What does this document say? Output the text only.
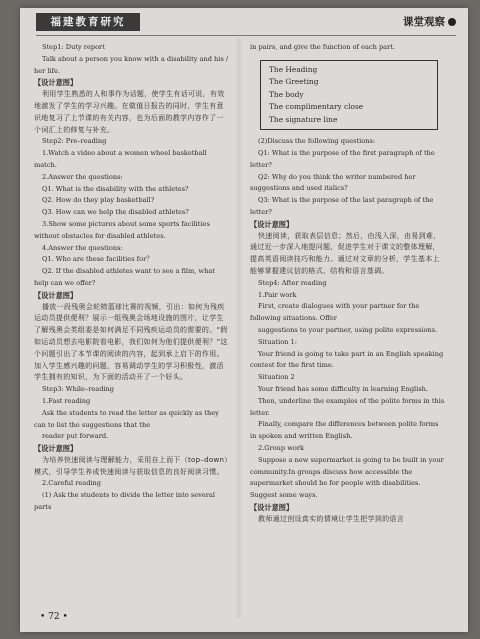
福建教育研究	课堂观察

Step1: Duty report

Talk about a person you know with a disability and his / her life.

【设计意图】

利用学生熟悉的人和事作为话题，使学生有话可说，有效地激发了学生的学习兴趣。在做值日报告的同时，学生有意识地复习了上节课的有关内容，也为后面的教学内容作了一个词汇上的修复与补充。

Step2: Pre–reading

1.Watch a video about a women wheel basketball match.

2.Answer the questions:

Q1. What is the disability with the athletes?

Q2. How do they play basketball?

Q3. How can we help the disabled athletes?

3.Show some pictures about some sports facilities without obstacles for disabled athletes.

4.Answer the questions:

Q1. Who are these facilities for？

Q2. If the disabled athletes want to see a film, what help can we offer?

【设计意图】

播放一段残奥会轮椅篮球比赛的视频，引出：如何为残疾运动员提供便利？展示一组残奥会场地设施的图片，让学生了解残奥会类组委是如何满足不同残疾运动员的需要的。“假如运动员想去电影院看电影，我们如何为他们提供便利？”这个问题引出了本节课的阅读的内容，起到承上启下的作用。加入学生感兴趣的问题，容易调动学生的学习积极性，激活学生拥有的知识，为下面的活动开了一个好头。

Step3: While–reading

1.Fast reading

Ask the students to read the letter as quickly as they can to list the suggestions that the

reader put forward.

【设计意图】

为培养快速阅读与理解能力，采用自上而下（top–down）模式，引导学生养成快速阅读与获取信息的良好阅读习惯。

2.Careful reading

(1) Ask the students to divide the letter into several parts

in pairs, and give the function of each part.

The Heading
The Greeting
The body
The complimentary close
The signature line

(2)Discuss the following questions:

Q1: What is the purpose of the first paragraph of the letter?

Q2: Why do you think the writer numbered her suggestions and used italics?

Q3: What is the purpose of the last paragraph of the letter?

【设计意图】

快速阅读，获取表层信息；然后，由浅入深，由易到难，通过近一步深入地提问题，促进学生对于课文的整体理解，提高英语阅读技巧和能力。通过对文章的分析，学生基本上能够掌握建议信的格式、结构和语言基调。

Step4: After reading

1.Pair work

First, create dialogues with your partner for the following situations. Offer

suggestions to your partner, using polite expressions.

Situation 1:

Your friend is going to take part in an English speaking contest for the first time.

Situation 2

Your friend has some difficulty in learning English.

Then, underline the examples of the polite forms in this letter.

Finally, compare the differences between polite forms in spoken and written English.

2.Group work

Suppose a new supermarket is going to be built in your community.In groups discuss how accessible the supermarket should be for people with disabilities. Suggest some ways.

【设计意图】

教师通过创设真实的情境让学生把学到的语言

• 72 •
